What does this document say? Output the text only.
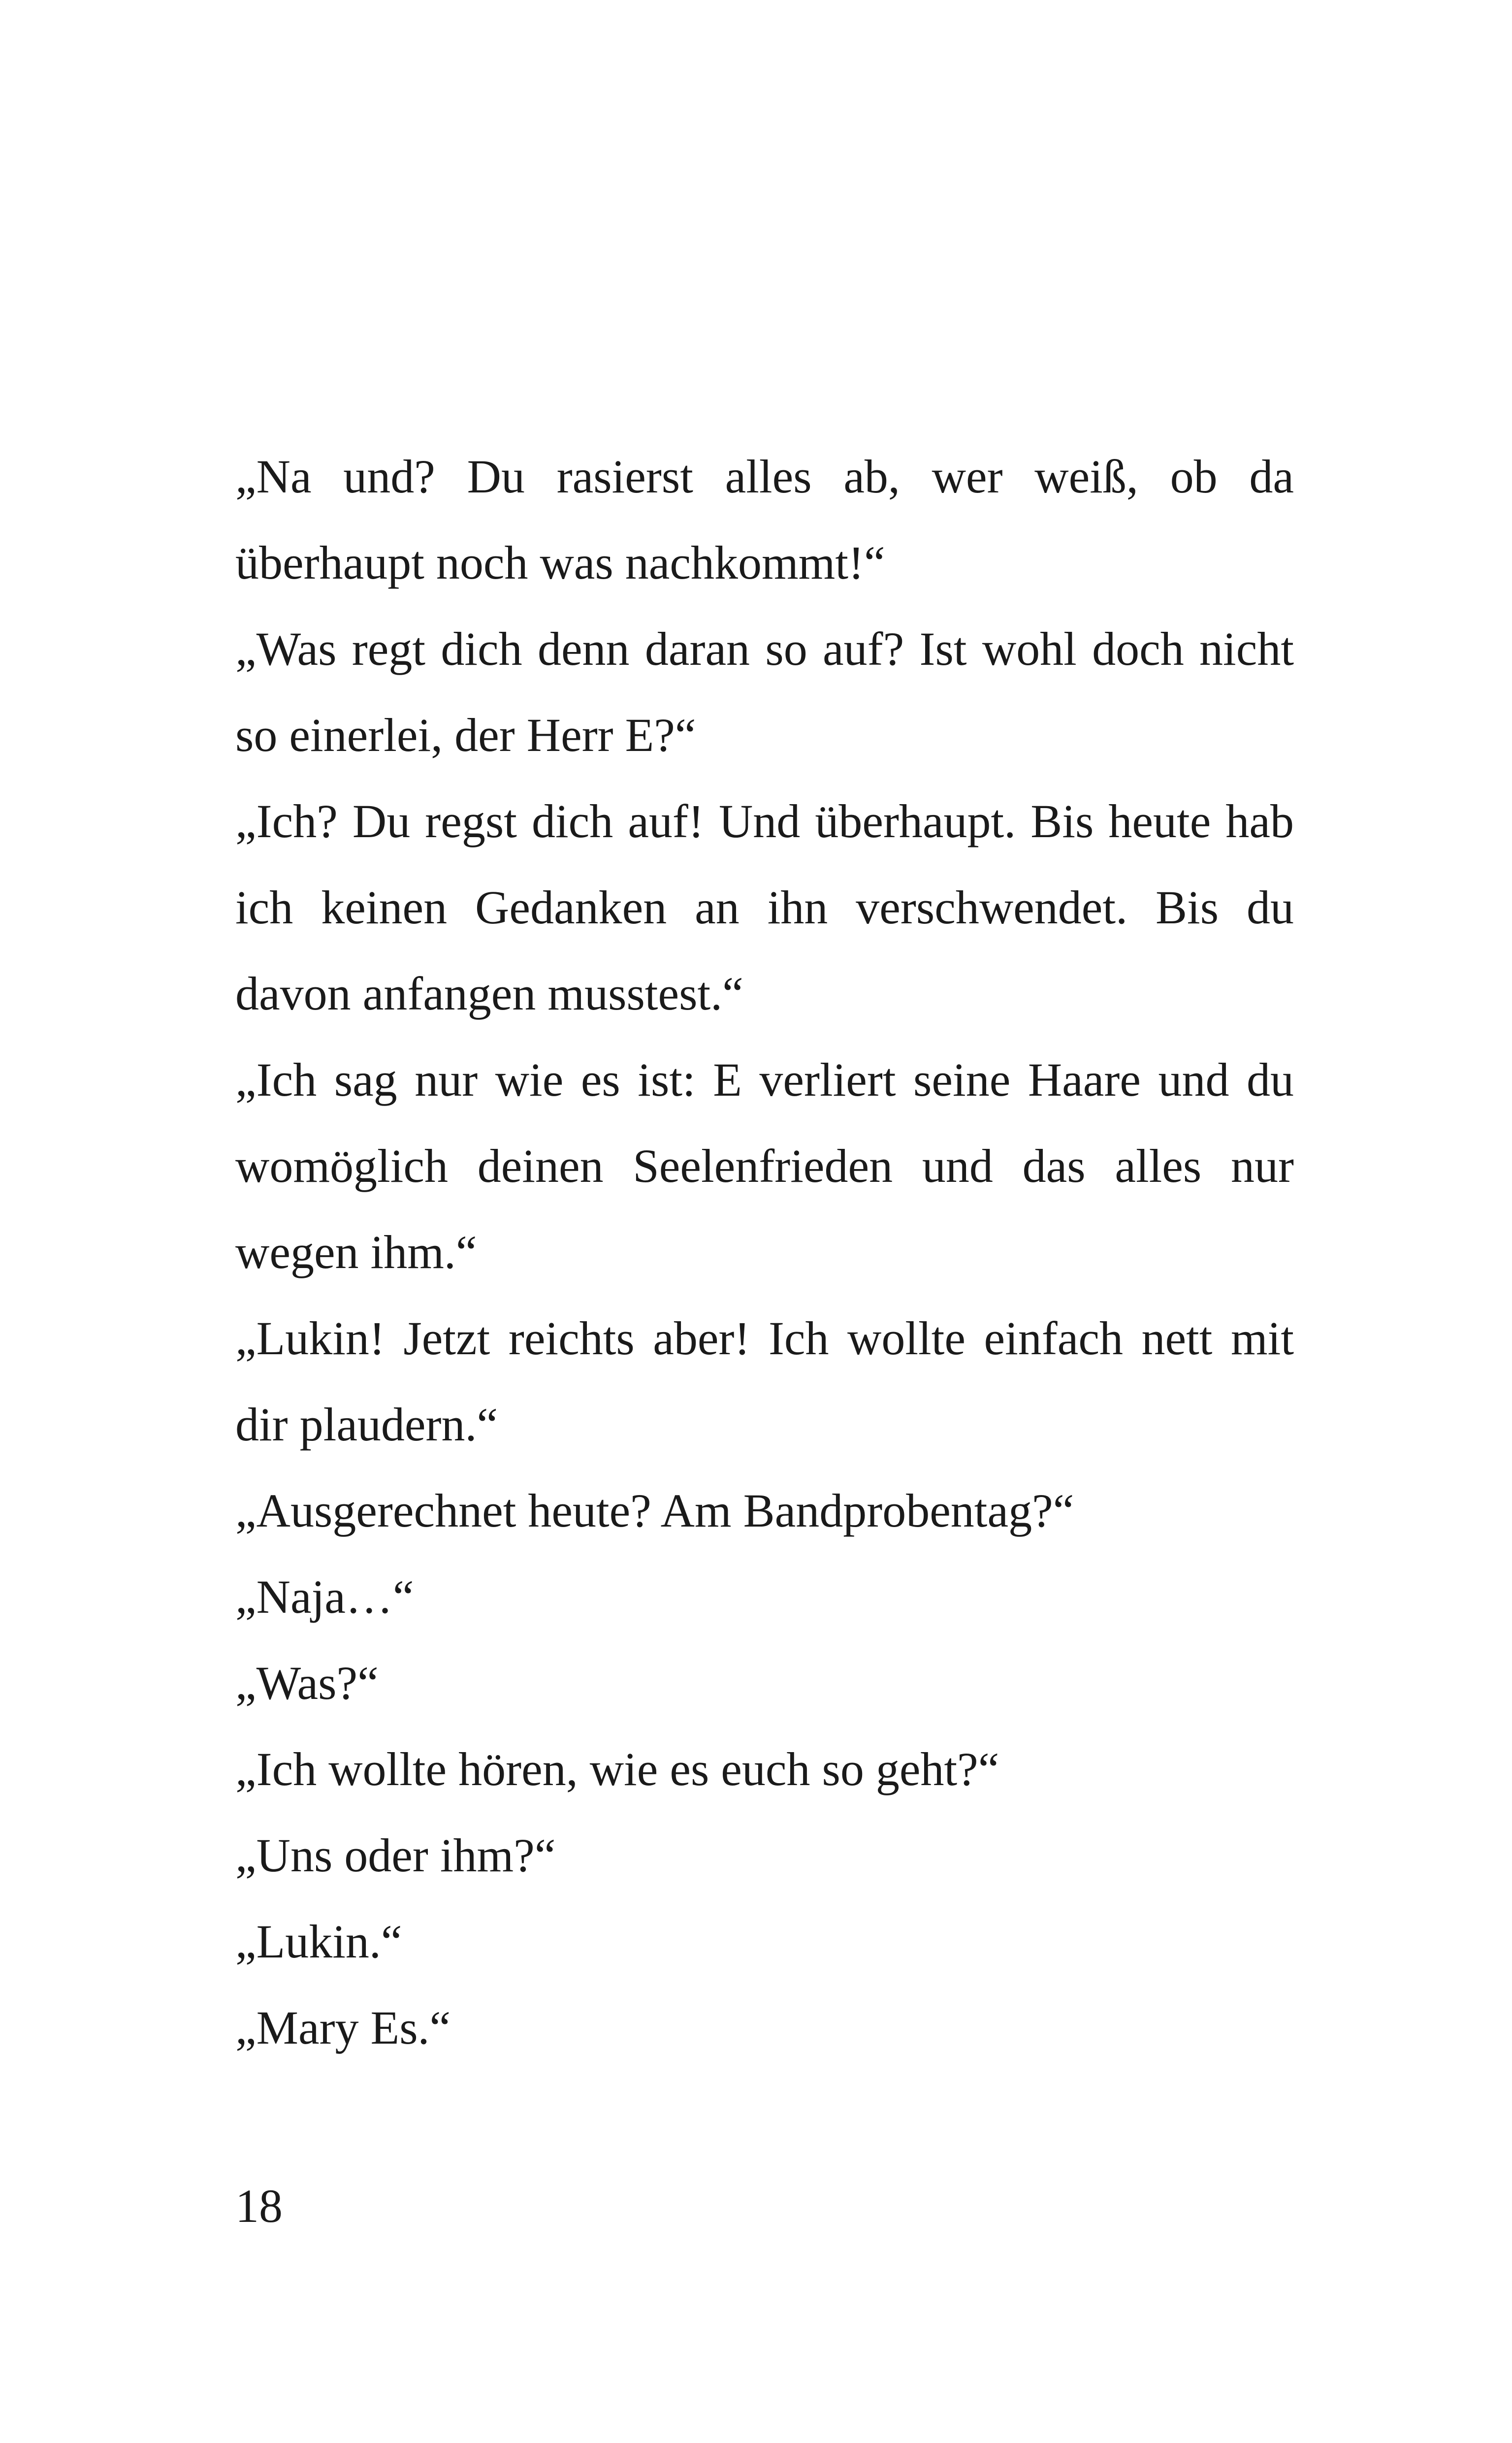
„Na und? Du rasierst alles ab, wer weiß, ob da überhaupt noch was nachkommt!“

„Was regt dich denn daran so auf? Ist wohl doch nicht so einerlei, der Herr E?“

„Ich? Du regst dich auf! Und überhaupt. Bis heute hab ich keinen Gedanken an ihn verschwendet. Bis du davon anfangen musstest.“

„Ich sag nur wie es ist: E verliert seine Haare und du womöglich deinen Seelenfrieden und das alles nur wegen ihm.“

„Lukin! Jetzt reichts aber! Ich wollte einfach nett mit dir plaudern.“

„Ausgerechnet heute? Am Bandprobentag?“

„Naja…“

„Was?“

„Ich wollte hören, wie es euch so geht?“

„Uns oder ihm?“

„Lukin.“

„Mary Es.“

18
